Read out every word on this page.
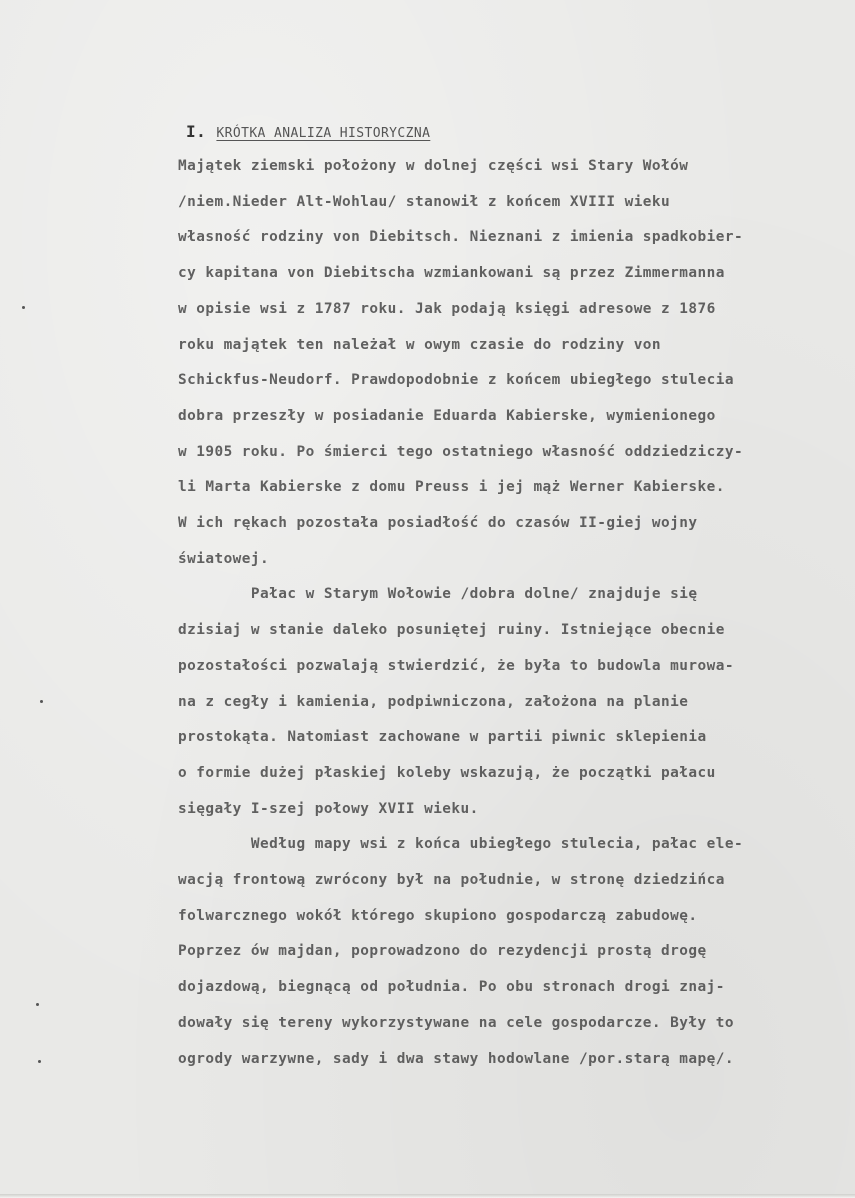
I. KRÓTKA ANALIZA HISTORYCZNA

Majątek ziemski położony w dolnej części wsi Stary Wołów
/niem.Nieder Alt-Wohlau/ stanowił z końcem XVIII wieku
własność rodziny von Diebitsch. Nieznani z imienia spadkobier-
cy kapitana von Diebitscha wzmiankowani są przez Zimmermanna
w opisie wsi z 1787 roku. Jak podają księgi adresowe z 1876
roku majątek ten należał w owym czasie do rodziny von
Schickfus-Neudorf. Prawdopodobnie z końcem ubiegłego stulecia
dobra przeszły w posiadanie Eduarda Kabierske, wymienionego
w 1905 roku. Po śmierci tego ostatniego własność oddziedziczy-
li Marta Kabierske z domu Preuss i jej mąż Werner Kabierske.
W ich rękach pozostała posiadłość do czasów II-giej wojny
światowej.
Pałac w Starym Wołowie /dobra dolne/ znajduje się
dzisiaj w stanie daleko posuniętej ruiny. Istniejące obecnie
pozostałości pozwalają stwierdzić, że była to budowla murowa-
na z cegły i kamienia, podpiwniczona, założona na planie
prostokąta. Natomiast zachowane w partii piwnic sklepienia
o formie dużej płaskiej koleby wskazują, że początki pałacu
sięgały I-szej połowy XVII wieku.
Według mapy wsi z końca ubiegłego stulecia, pałac ele-
wacją frontową zwrócony był na południe, w stronę dziedzińca
folwarcznego wokół którego skupiono gospodarczą zabudowę.
Poprzez ów majdan, poprowadzono do rezydencji prostą drogę
dojazdową, biegnącą od południa. Po obu stronach drogi znaj-
dowały się tereny wykorzystywane na cele gospodarcze. Były to
ogrody warzywne, sady i dwa stawy hodowlane /por.starą mapę/.
